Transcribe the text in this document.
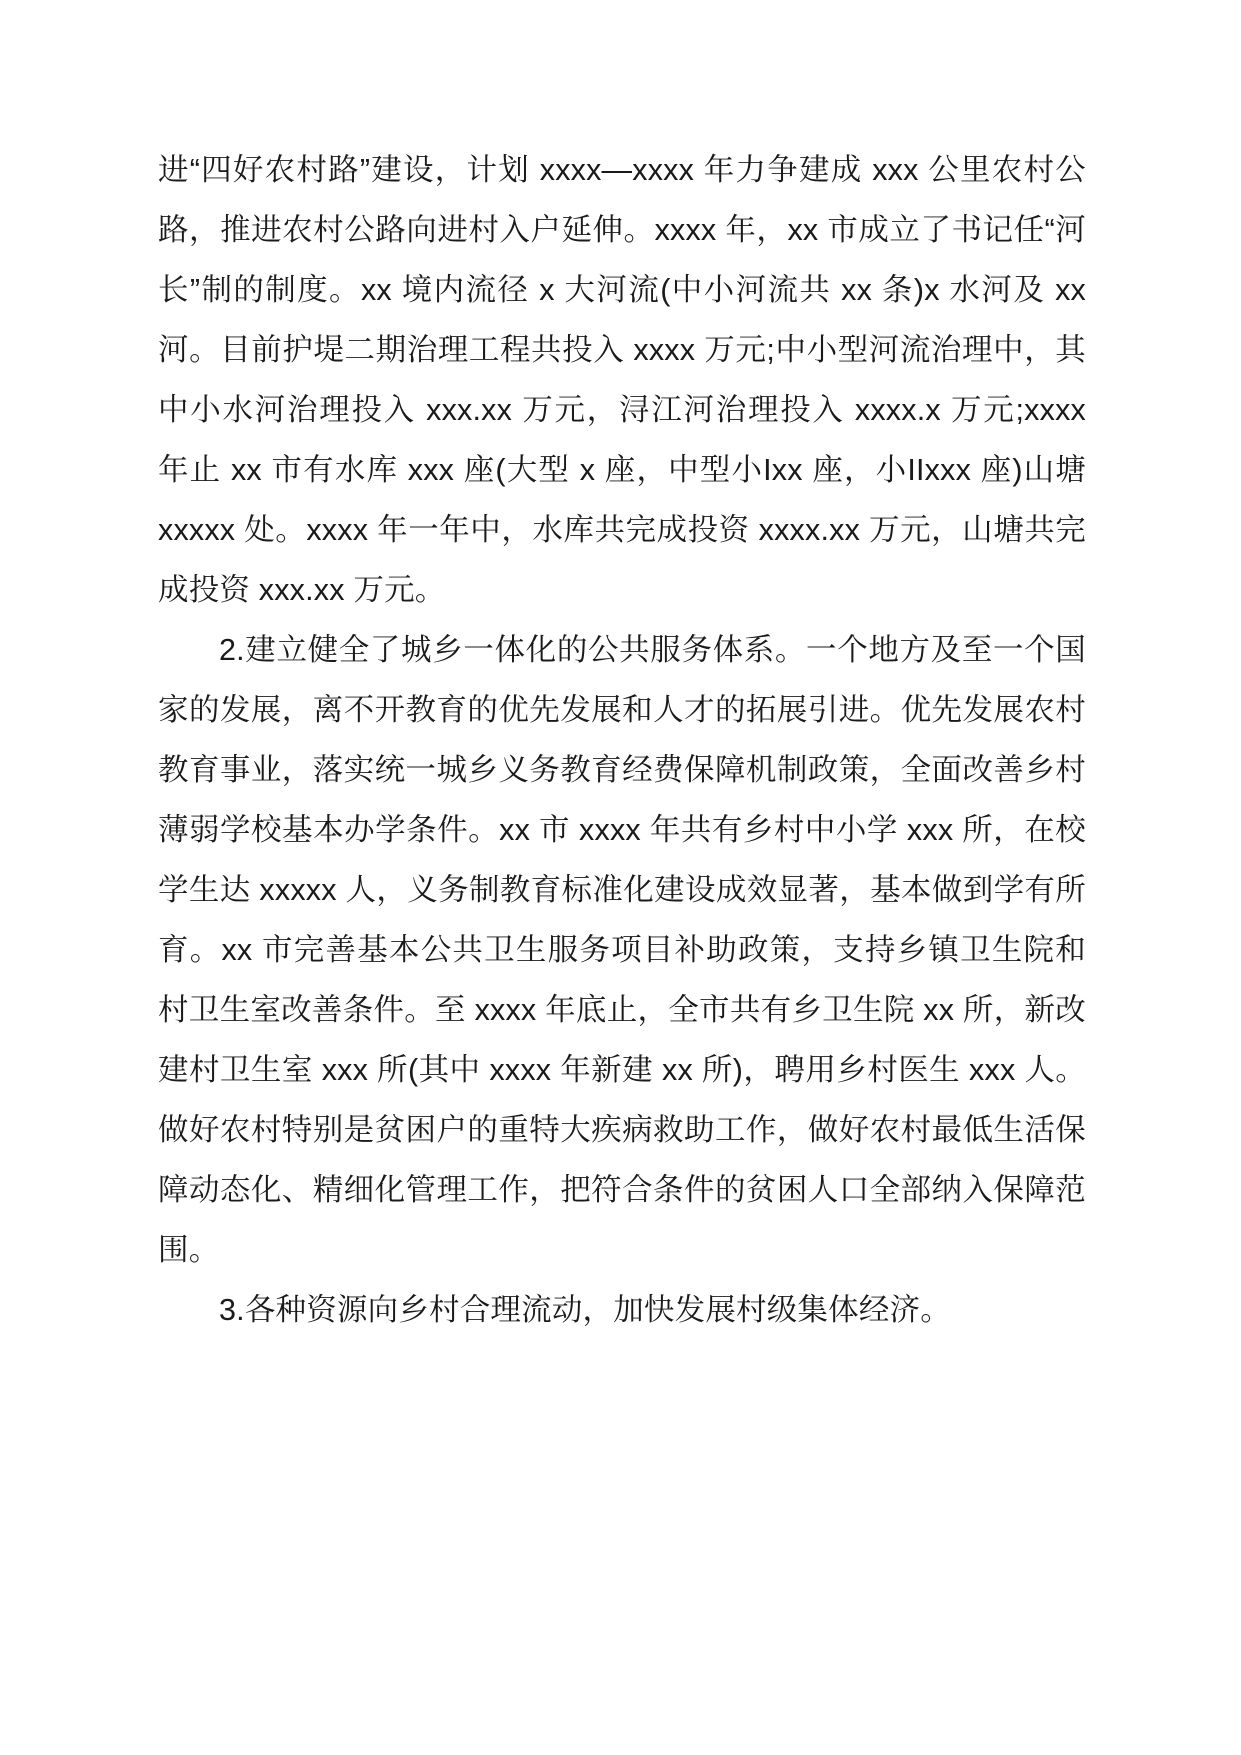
进“四好农村路”建设，计划 xxxx—xxxx 年力争建成 xxx 公里农村公路，推进农村公路向进村入户延伸。xxxx 年，xx 市成立了书记任“河长”制的制度。xx 境内流径 x 大河流(中小河流共 xx 条)x 水河及 xx 河。目前护堤二期治理工程共投入 xxxx 万元;中小型河流治理中，其中小水河治理投入 xxx.xx 万元，浔江河治理投入 xxxx.x 万元;xxxx 年止 xx 市有水库 xxx 座(大型 x 座，中型小Ixx 座，小IIxxx 座)山塘 xxxxx 处。xxxx 年一年中，水库共完成投资 xxxx.xx 万元，山塘共完成投资 xxx.xx 万元。

2.建立健全了城乡一体化的公共服务体系。一个地方及至一个国家的发展，离不开教育的优先发展和人才的拓展引进。优先发展农村教育事业，落实统一城乡义务教育经费保障机制政策，全面改善乡村薄弱学校基本办学条件。xx 市 xxxx 年共有乡村中小学 xxx 所，在校学生达 xxxxx 人，义务制教育标准化建设成效显著，基本做到学有所育。xx 市完善基本公共卫生服务项目补助政策，支持乡镇卫生院和村卫生室改善条件。至 xxxx 年底止，全市共有乡卫生院 xx 所，新改建村卫生室 xxx 所(其中 xxxx 年新建 xx 所)，聘用乡村医生 xxx 人。做好农村特别是贫困户的重特大疾病救助工作，做好农村最低生活保障动态化、精细化管理工作，把符合条件的贫困人口全部纳入保障范围。

3.各种资源向乡村合理流动，加快发展村级集体经济。
